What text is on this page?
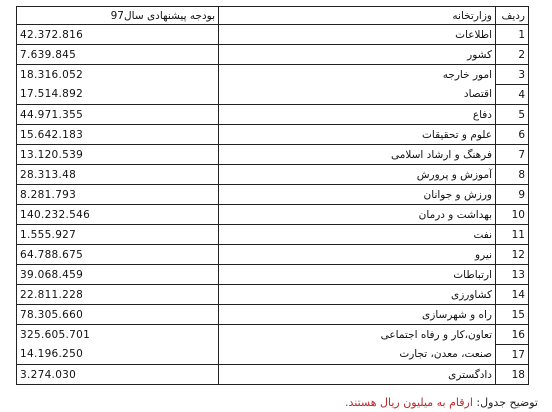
ردیف	وزارتخانه	بودجه پیشنهادی سال97
1	اطلاعات	42.372.816
2	کشور	7.639.845
3	امور خارجه	18.316.052
4	اقتصاد	17.514.892
5	دفاع	44.971.355
6	علوم و تحقیقات	15.642.183
7	فرهنگ و ارشاد اسلامی	13.120.539
8	آموزش و پرورش	28.313.48
9	ورزش و جوانان	8.281.793
10	بهداشت و درمان	140.232.546
11	نفت	1.555.927
12	نیرو	64.788.675
13	ارتباطات	39.068.459
14	کشاورزی	22.811.228
15	راه و شهرسازی	78.305.660
16	تعاون،کار و رفاه اجتماعی	325.605.701
17	صنعت، معدن، تجارت	14.196.250
18	دادگستری	3.274.030
توضیح جدول: ارقام به میلیون ریال هستند.
